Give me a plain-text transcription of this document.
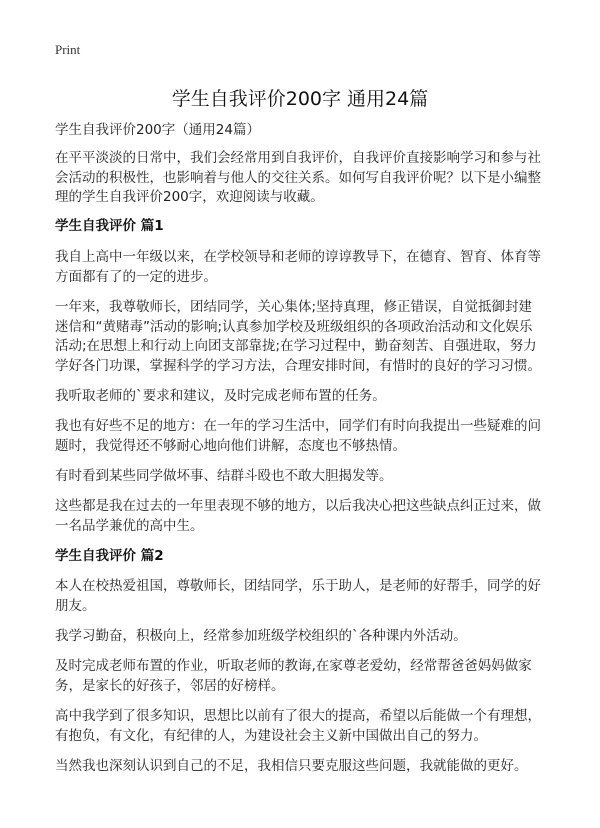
Print
学生自我评价200字 通用24篇
学生自我评价200字（通用24篇）
在平平淡淡的日常中，我们会经常用到自我评价，自我评价直接影响学习和参与社
会活动的积极性，也影响着与他人的交往关系。如何写自我评价呢？以下是小编整
理的学生自我评价200字，欢迎阅读与收藏。
学生自我评价 篇1
我自上高中一年级以来，在学校领导和老师的谆谆教导下，在德育、智育、体育等
方面都有了的一定的进步。
一年来，我尊敬师长，团结同学，关心集体;坚持真理，修正错误，自觉抵御封建
迷信和“黄赌毒”活动的影响;认真参加学校及班级组织的各项政治活动和文化娱乐
活动;在思想上和行动上向团支部靠拢;在学习过程中，勤奋刻苦、自强进取，努力
学好各门功课，掌握科学的学习方法，合理安排时间，有惜时的良好的学习习惯。
我听取老师的`要求和建议，及时完成老师布置的任务。
我也有好些不足的地方：在一年的学习生活中，同学们有时向我提出一些疑难的问
题时，我觉得还不够耐心地向他们讲解，态度也不够热情。
有时看到某些同学做坏事、结群斗殴也不敢大胆揭发等。
这些都是我在过去的一年里表现不够的地方，以后我决心把这些缺点纠正过来，做
一名品学兼优的高中生。
学生自我评价 篇2
本人在校热爱祖国，尊敬师长，团结同学，乐于助人，是老师的好帮手，同学的好
朋友。
我学习勤奋，积极向上，经常参加班级学校组织的`各种课内外活动。
及时完成老师布置的作业，听取老师的教诲,在家尊老爱幼，经常帮爸爸妈妈做家
务，是家长的好孩子，邻居的好榜样。
高中我学到了很多知识，思想比以前有了很大的提高，希望以后能做一个有理想，
有抱负，有文化，有纪律的人，为建设社会主义新中国做出自己的努力。
当然我也深刻认识到自己的不足，我相信只要克服这些问题，我就能做的更好。
